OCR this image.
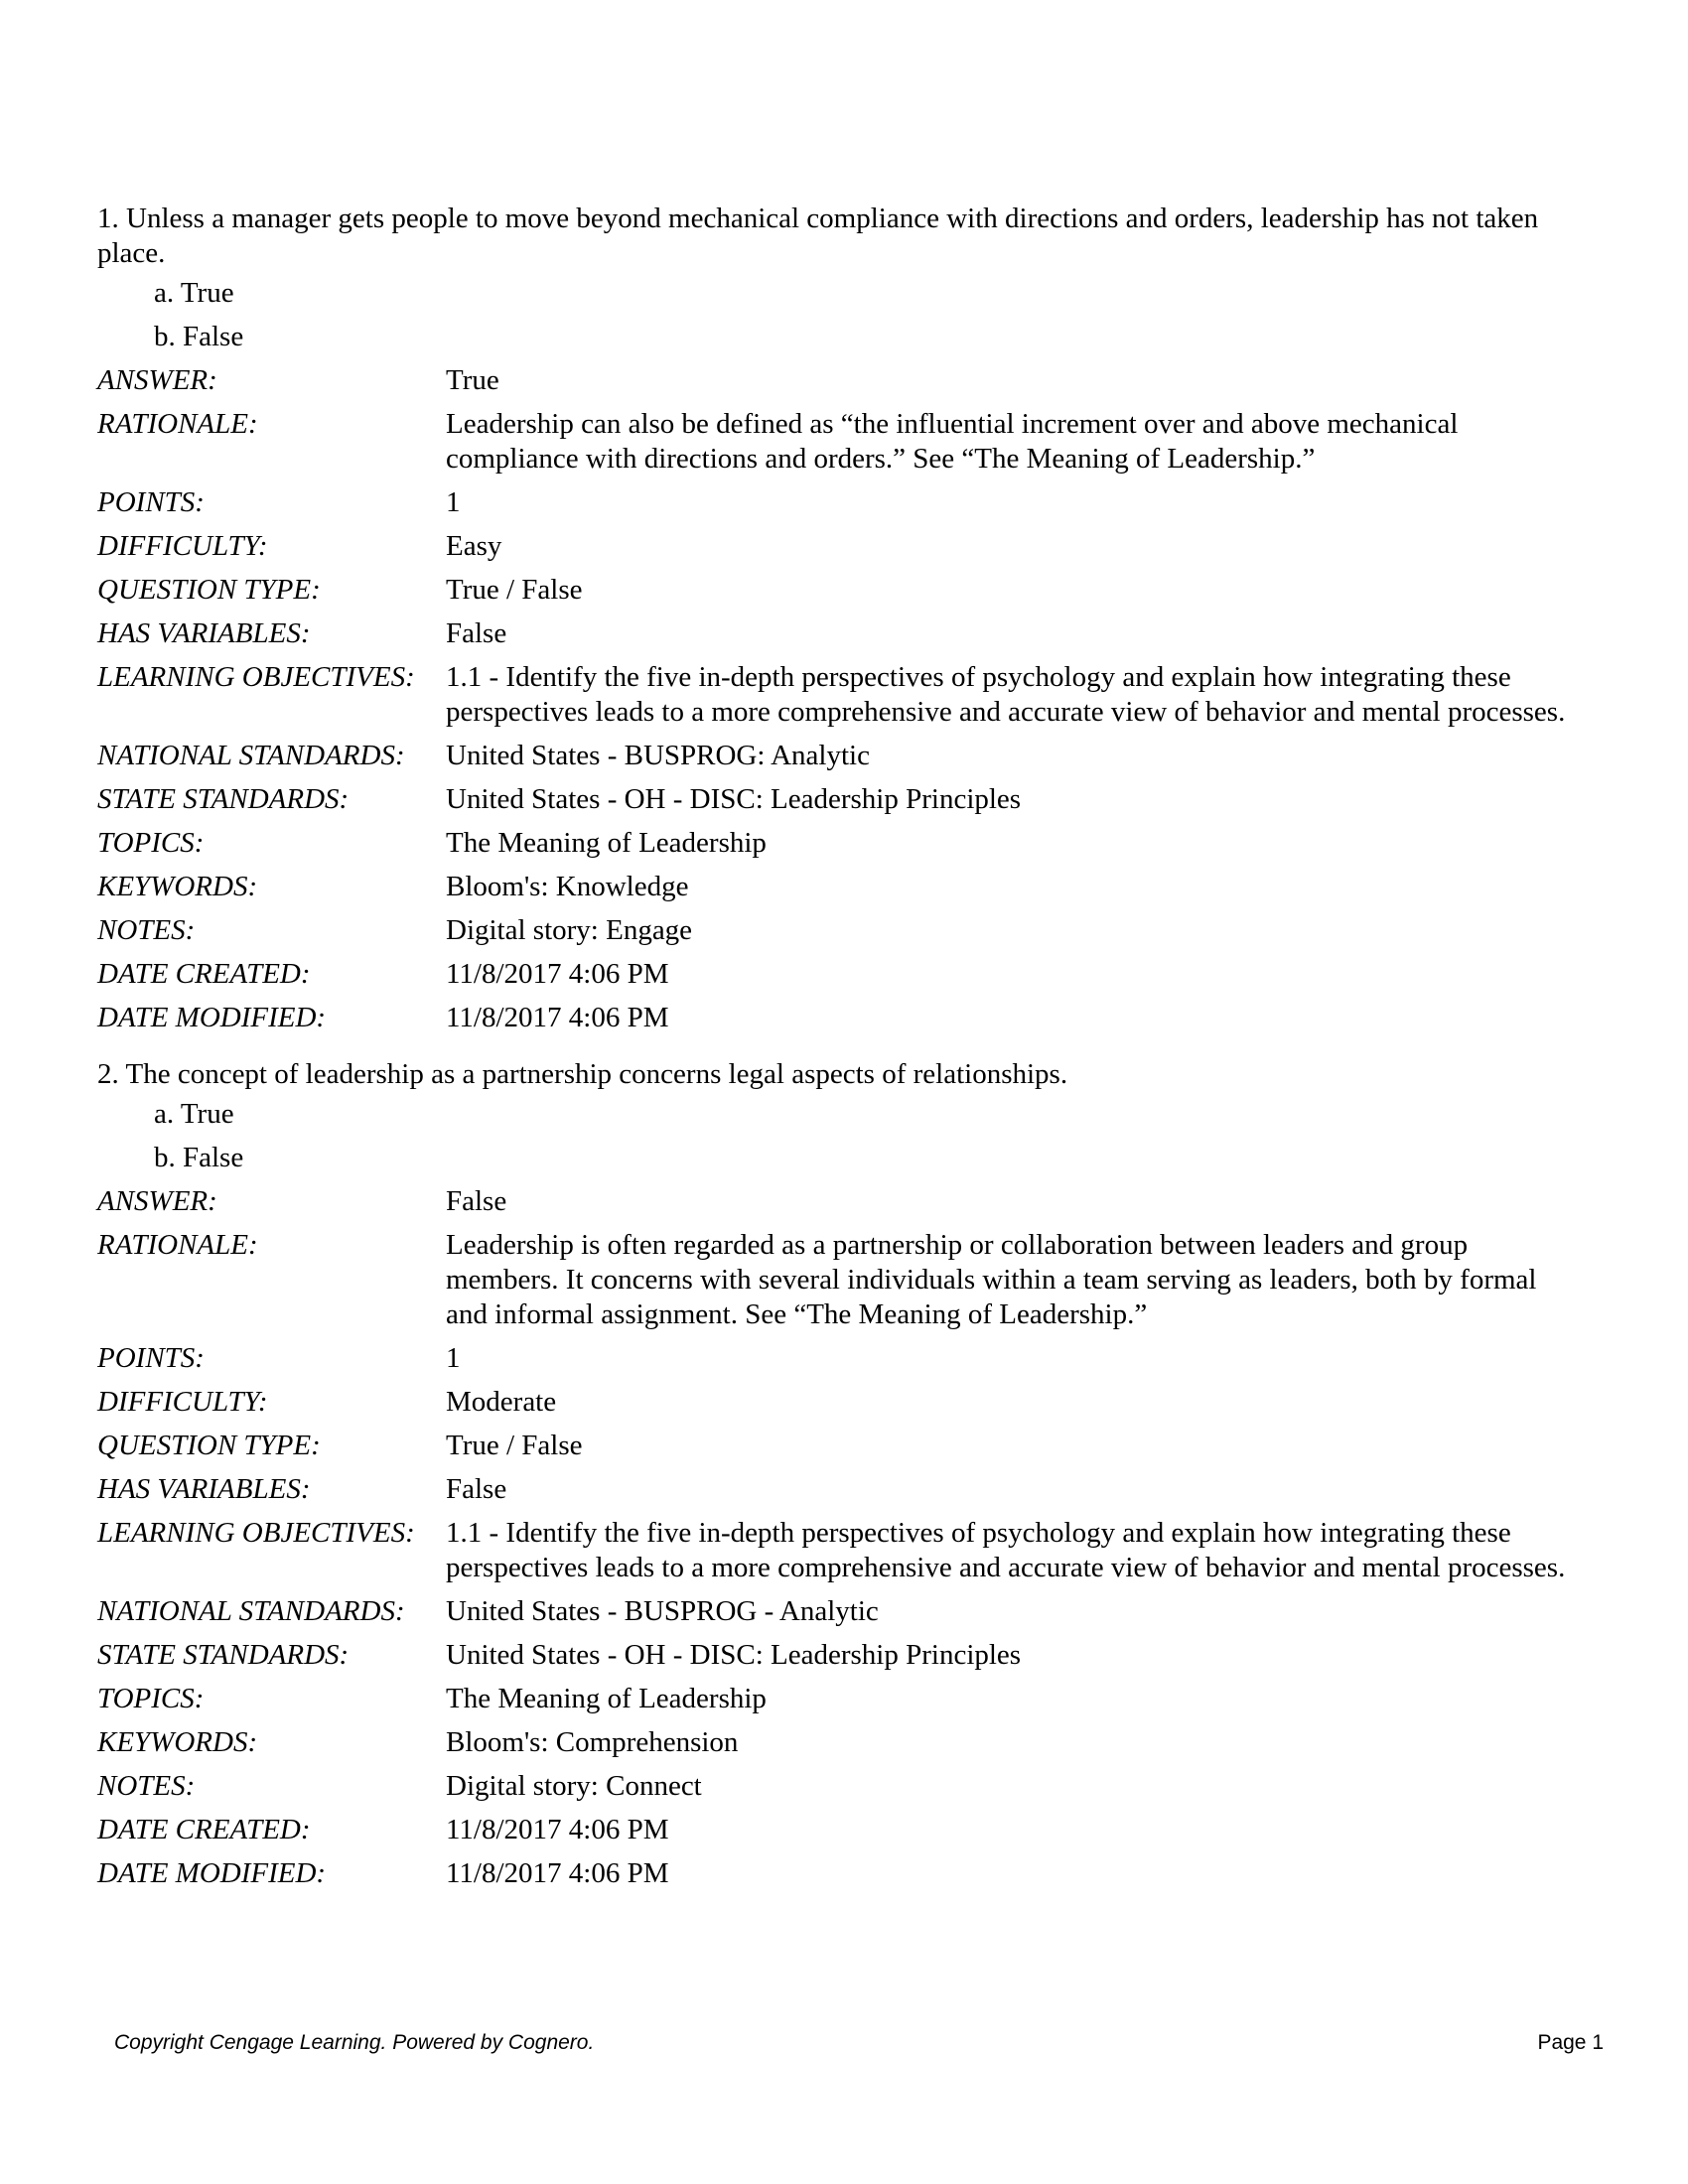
1. Unless a manager gets people to move beyond mechanical compliance with directions and orders, leadership has not taken place.
a. True
b. False
ANSWER:	True
RATIONALE:	Leadership can also be defined as “the influential increment over and above mechanical compliance with directions and orders.” See “The Meaning of Leadership.”
POINTS:	1
DIFFICULTY:	Easy
QUESTION TYPE:	True / False
HAS VARIABLES:	False
LEARNING OBJECTIVES:	1.1 - Identify the five in-depth perspectives of psychology and explain how integrating these perspectives leads to a more comprehensive and accurate view of behavior and mental processes.
NATIONAL STANDARDS:	United States - BUSPROG: Analytic
STATE STANDARDS:	United States - OH - DISC: Leadership Principles
TOPICS:	The Meaning of Leadership
KEYWORDS:	Bloom's: Knowledge
NOTES:	Digital story: Engage
DATE CREATED:	11/8/2017 4:06 PM
DATE MODIFIED:	11/8/2017 4:06 PM
2. The concept of leadership as a partnership concerns legal aspects of relationships.
a. True
b. False
ANSWER:	False
RATIONALE:	Leadership is often regarded as a partnership or collaboration between leaders and group members. It concerns with several individuals within a team serving as leaders, both by formal and informal assignment. See “The Meaning of Leadership.”
POINTS:	1
DIFFICULTY:	Moderate
QUESTION TYPE:	True / False
HAS VARIABLES:	False
LEARNING OBJECTIVES:	1.1 - Identify the five in-depth perspectives of psychology and explain how integrating these perspectives leads to a more comprehensive and accurate view of behavior and mental processes.
NATIONAL STANDARDS:	United States - BUSPROG - Analytic
STATE STANDARDS:	United States - OH - DISC: Leadership Principles
TOPICS:	The Meaning of Leadership
KEYWORDS:	Bloom's: Comprehension
NOTES:	Digital story: Connect
DATE CREATED:	11/8/2017 4:06 PM
DATE MODIFIED:	11/8/2017 4:06 PM
Copyright Cengage Learning. Powered by Cognero.	Page 1
